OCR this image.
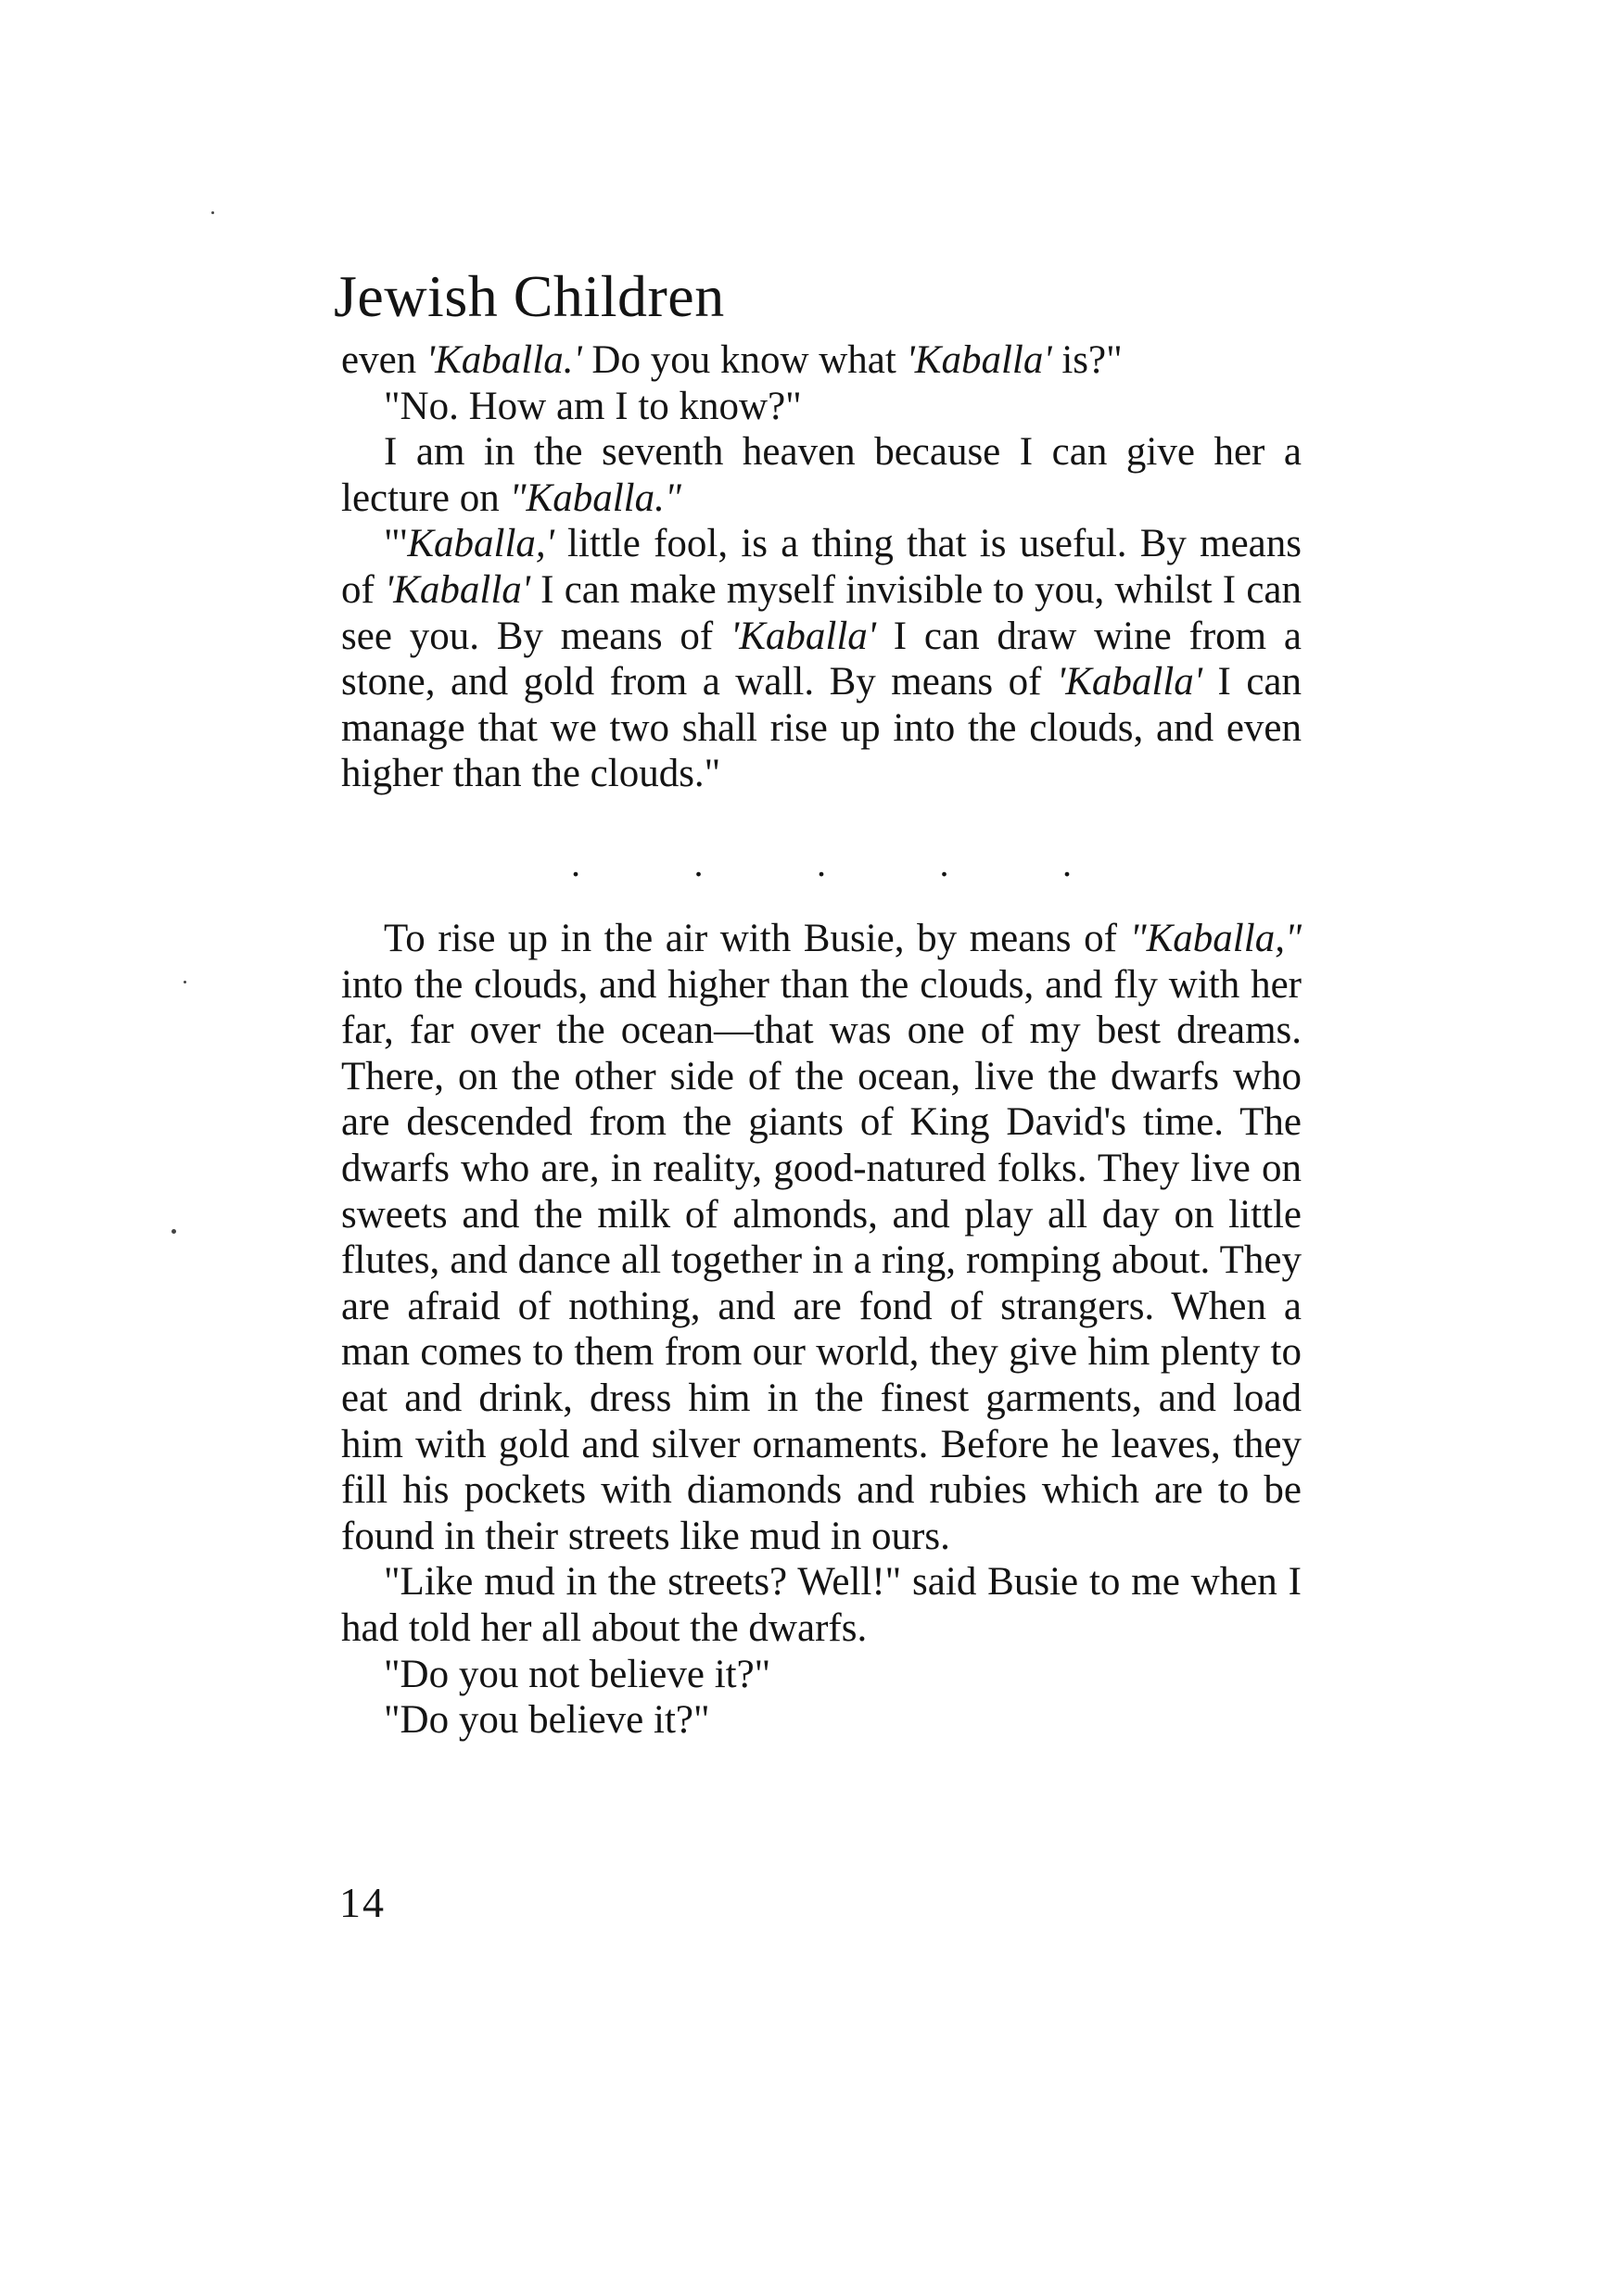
Jewish Children

even 'Kaballa.' Do you know what 'Kaballa' is?"

"No. How am I to know?"

I am in the seventh heaven because I can give her a lecture on "Kaballa."

"'Kaballa,' little fool, is a thing that is useful. By means of 'Kaballa' I can make myself invisible to you, whilst I can see you. By means of 'Kaballa' I can draw wine from a stone, and gold from a wall. By means of 'Kaballa' I can manage that we two shall rise up into the clouds, and even higher than the clouds."

.	.	.	.	.

To rise up in the air with Busie, by means of "Kaballa," into the clouds, and higher than the clouds, and fly with her far, far over the ocean—that was one of my best dreams. There, on the other side of the ocean, live the dwarfs who are descended from the giants of King David's time. The dwarfs who are, in reality, good-natured folks. They live on sweets and the milk of almonds, and play all day on little flutes, and dance all together in a ring, romping about. They are afraid of nothing, and are fond of strangers. When a man comes to them from our world, they give him plenty to eat and drink, dress him in the finest garments, and load him with gold and silver ornaments. Before he leaves, they fill his pockets with diamonds and rubies which are to be found in their streets like mud in ours.

"Like mud in the streets? Well!" said Busie to me when I had told her all about the dwarfs.

"Do you not believe it?"

"Do you believe it?"

14
